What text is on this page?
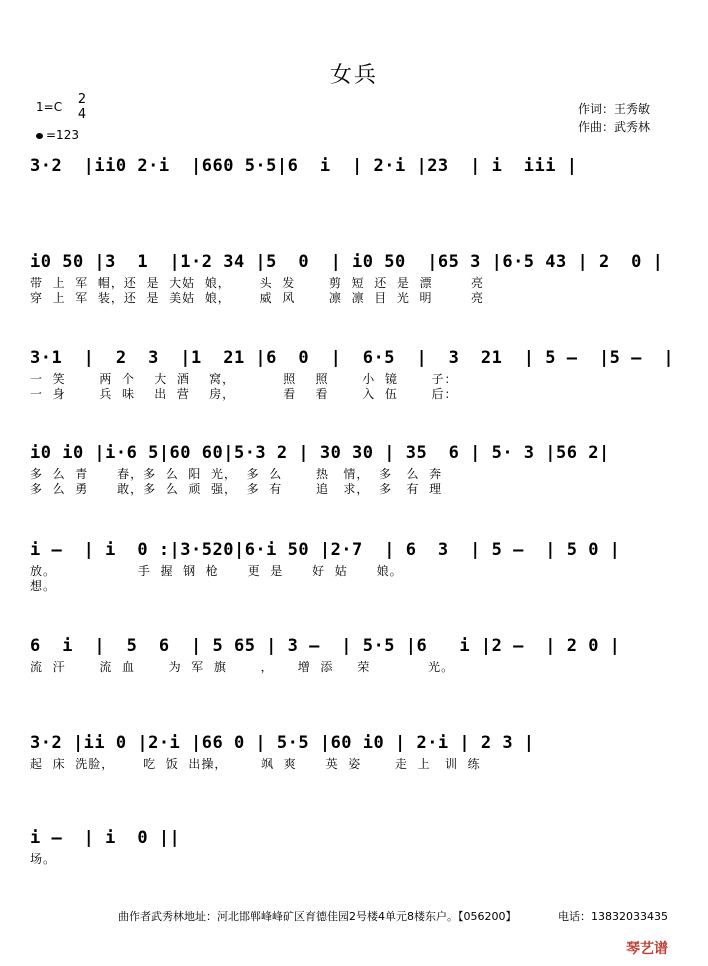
女兵
1=C 2
4
=123
作词：王秀敏
作曲：武秀林
3·2  |ii0 2·i  |660 5·5|6  i  | 2·i |23  | i  iii |
i0 50 |3  1  |1·2 34 |5  0  | i0 50  |65 3 |6·5 43 | 2  0 |
带  上  军  帽，还  是  大姑  娘，      头  发       剪  短  还  是  漂        亮
穿  上  军  装，还  是  美姑  娘，      威  风       凛  凛  目  光  明        亮
3·1  |  2  3  |1  21 |6  0  |  6·5  |  3  21  | 5 –  |5 –  |
一  笑       两  个    大  酒    窝，          照    照       小  镜       子：
一  身       兵  味    出  营    房，          看    看       入  伍       后：
i0 i0 |i·6 5|60 60|5·3 2 | 30 30 | 35  6 | 5· 3 |56 2|
多  么  青      春，多  么  阳  光，  多  么       热   情，  多   么  奔
多  么  勇      敢，多  么  顽  强，  多  有       追   求，  多   有  理
i –  | i  0 :|3·520|6·i 50 |2·7  | 6  3  | 5 –  | 5 0 |
放。                 手  握  钢  枪      更  是      好  姑      娘。
想。
6  i  |  5  6  | 5 65 | 3 –  | 5·5 |6   i |2 –  | 2 0 |
流  汗       流  血       为  军  旗       ，     增  添     荣            光。
3·2 |ii 0 |2·i |66 0 | 5·5 |60 i0 | 2·i | 2 3 |
起  床  洗脸，      吃  饭  出操，       飒  爽      英  姿       走  上   训  练
i –  | i  0 ||
场。
曲作者武秀林地址：河北邯郸峰峰矿区育德佳园2号楼4单元8楼东户。【056200】	电话：13832033435
琴艺谱
